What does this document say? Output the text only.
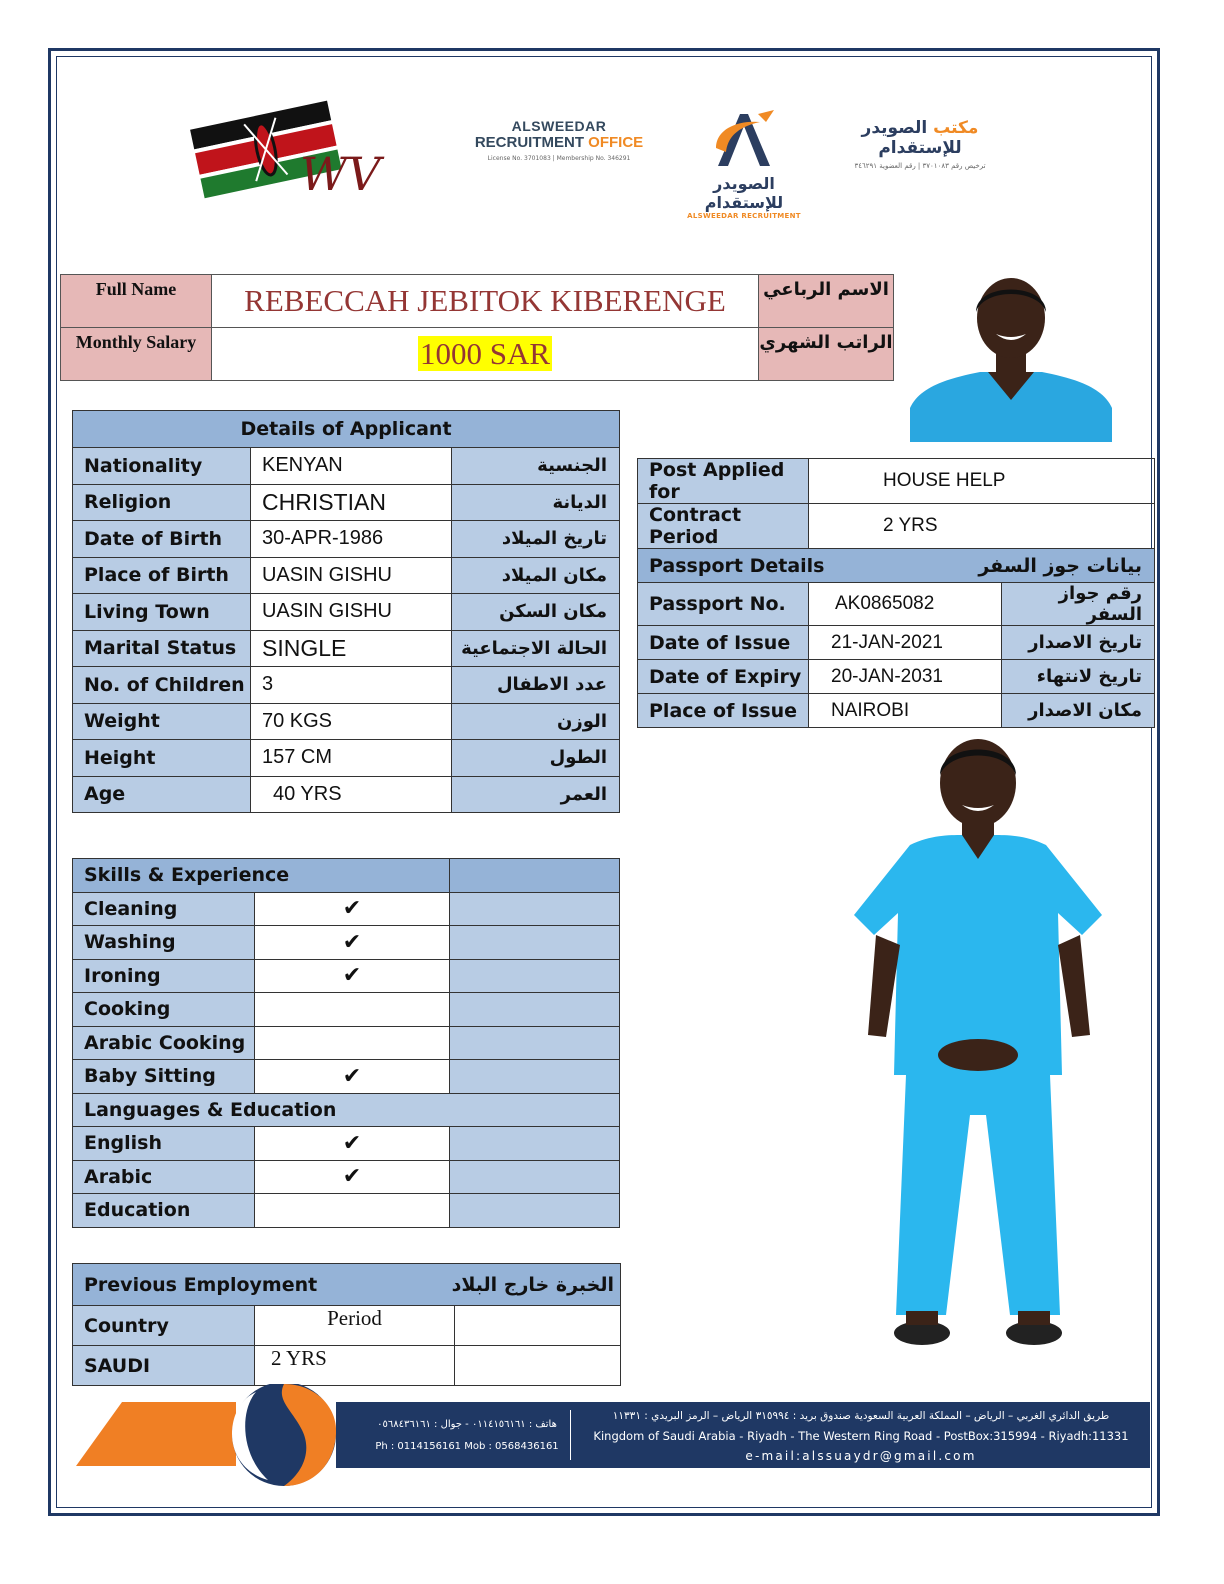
WV
ALSWEEDAR
RECRUITMENT OFFICE
License No. 3701083 | Membership No. 346291
الصويدر للإستقدام
ALSWEEDAR RECRUITMENT
مكتب الصويدر للإستقدام
ترخيص رقم ٣٧٠١٠٨٣ | رقم العضوية ٣٤٦٢٩١
Full Name	REBECCAH JEBITOK KIBERENGE	الاسم الرباعي
Monthly Salary	1000 SAR	الراتب الشهري
Details of Applicant		
Nationality	KENYAN	الجنسية
Religion	CHRISTIAN	الديانة
Date of Birth	30-APR-1986	تاريخ الميلاد
Place of Birth	UASIN GISHU	مكان الميلاد
Living Town	UASIN GISHU	مكان السكن
Marital Status	SINGLE	الحالة الاجتماعية
No. of Children	3	عدد الاطفال
Weight	70 KGS	الوزن
Height	157 CM	الطول
Age	40 YRS	العمر
Post Applied for	HOUSE HELP	
Contract Period	2 YRS	
Passport Details بيانات جوز السفر		

Passport No.	AK0865082	رقم جواز السفر
Date of Issue	21-JAN-2021	تاريخ الاصدار
Date of Expiry	20-JAN-2031	تاريخ لانتهاء
Place of Issue	NAIROBI	مكان الاصدار
Skills & Experience		
Cleaning	✔	
Washing	✔	
Ironing	✔	
Cooking		
Arabic Cooking		
Baby Sitting	✔	
Languages & Education		
English	✔	
Arabic	✔	
Education		
Previous Employment الخبرة خارج البلاد		

Country	Period	
SAUDI	2 YRS	
هاتف : ٠١١٤١٥٦١٦١ - جوال : ٠٥٦٨٤٣٦١٦١
Ph : 0114156161 Mob : 0568436161
طريق الدائري الغربي – الرياض – المملكة العربية السعودية صندوق بريد : ٣١٥٩٩٤ الرياض – الرمز البريدي : ١١٣٣١
Kingdom of Saudi Arabia - Riyadh - The Western Ring Road - PostBox:315994 - Riyadh:11331
e-mail:alssuaydr@gmail.com
